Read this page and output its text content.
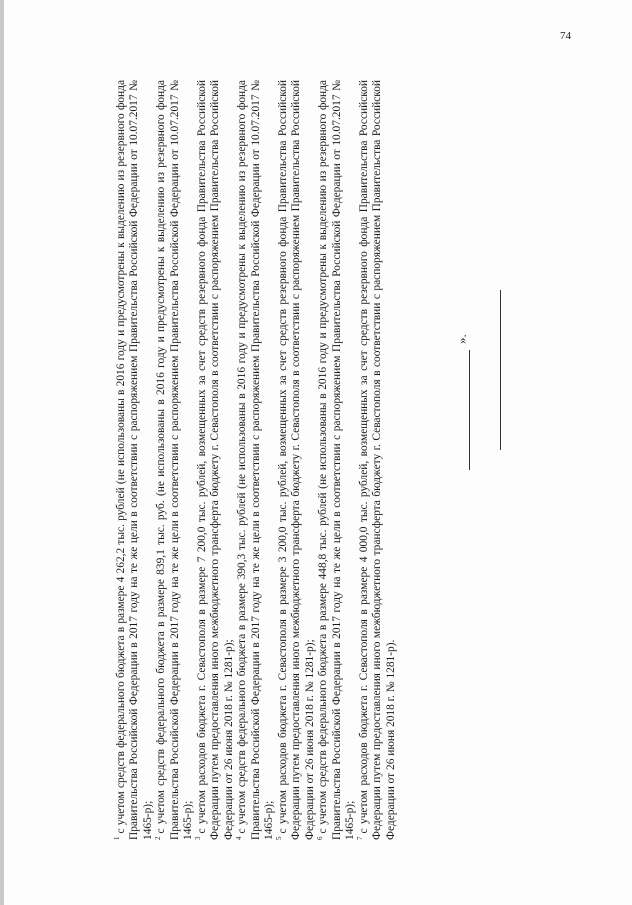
74

$^1$с учетом средств федерального бюджета в размере 4 262,2 тыс. рублей (не использованы в 2016 году и предусмотрены к выделению из резервного фонда Правительства Российской Федерации в 2017 году на те же цели в соответствии с распоряжением Правительства Российской Федерации от 10.07.2017 № 1465-р); $^2$с учетом средств федерального бюджета в размере 839,1 тыс. руб. (не использованы в 2016 году и предусмотрены к выделению из резервного фонда Правительства Российской Федерации в 2017 году на те же цели в соответствии с распоряжением Правительства Российской Федерации от 10.07.2017 № 1465-р); $^3$с учетом расходов бюджета г. Севастополя в размере 7 200,0 тыс. рублей, возмещенных за счет средств резервного фонда Правительства Российской Федерации путем предоставления иного межбюджетного трансферта бюджету г. Севастополя в соответствии с распоряжением Правительства Российской Федерации от 26 июня 2018 г. № 1281-р); $^4$с учетом средств федерального бюджета в размере 390,3 тыс. рублей (не использованы в 2016 году и предусмотрены к выделению из резервного фонда Правительства Российской Федерации в 2017 году на те же цели в соответствии с распоряжением Правительства Российской Федерации от 10.07.2017 № 1465-р); $^5$с учетом расходов бюджета г. Севастополя в размере 3 200,0 тыс. рублей, возмещенных за счет средств резервного фонда Правительства Российской Федерации путем предоставления иного межбюджетного трансферта бюджету г. Севастополя в соответствии с распоряжением Правительства Российской Федерации от 26 июня 2018 г. № 1281-р); $^6$с учетом средств федерального бюджета в размере 448,8 тыс. рублей (не использованы в 2016 году и предусмотрены к выделению из резервного фонда Правительства Российской Федерации в 2017 году на те же цели в соответствии с распоряжением Правительства Российской Федерации от 10.07.2017 № 1465-р); $^7$с учетом расходов бюджета г. Севастополя в размере 4 000,0 тыс. рублей, возмещенных за счет средств резервного фонда Правительства Российской Федерации путем предоставления иного межбюджетного трансферта бюджету г. Севастополя в соответствии с распоряжением Правительства Российской Федерации от 26 июня 2018 г. № 1281-р).

».
